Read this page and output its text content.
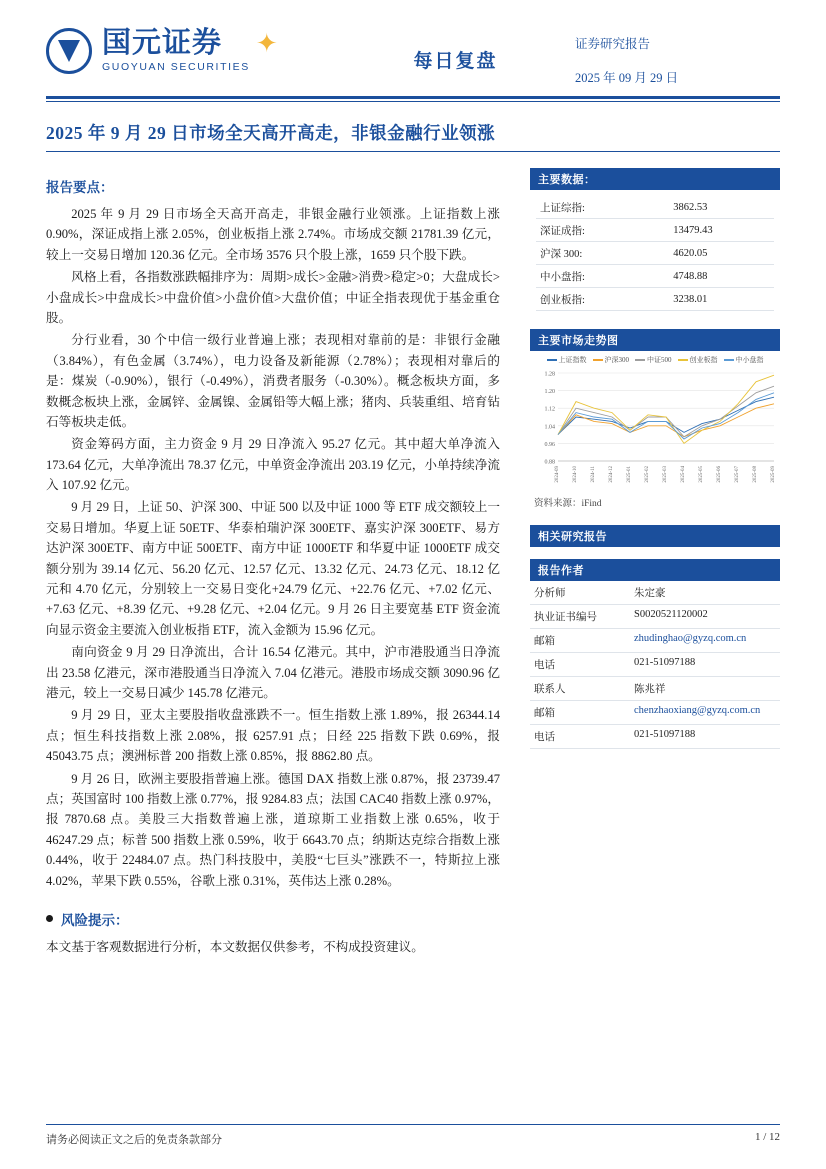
国元证券
GUOYUAN SECURITIES
✦
每日复盘
证券研究报告
2025 年 09 月 29 日
2025 年 9 月 29 日市场全天高开高走，非银金融行业领涨
报告要点：

2025 年 9 月 29 日市场全天高开高走，非银金融行业领涨。上证指数上涨 0.90%，深证成指上涨 2.05%，创业板指上涨 2.74%。市场成交额 21781.39 亿元，较上一交易日增加 120.36 亿元。全市场 3576 只个股上涨，1659 只个股下跌。

风格上看，各指数涨跌幅排序为：周期>成长>金融>消费>稳定>0；大盘成长>小盘成长>中盘成长>中盘价值>小盘价值>大盘价值；中证全指表现优于基金重仓股。

分行业看，30 个中信一级行业普遍上涨；表现相对靠前的是：非银行金融（3.84%），有色金属（3.74%），电力设备及新能源（2.78%）；表现相对靠后的是：煤炭（-0.90%），银行（-0.49%），消费者服务（-0.30%）。概念板块方面，多数概念板块上涨，金属锌、金属镍、金属铅等大幅上涨；猪肉、兵装重组、培育钻石等板块走低。

资金筹码方面，主力资金 9 月 29 日净流入 95.27 亿元。其中超大单净流入 173.64 亿元，大单净流出 78.37 亿元，中单资金净流出 203.19 亿元，小单持续净流入 107.92 亿元。

9 月 29 日，上证 50、沪深 300、中证 500 以及中证 1000 等 ETF 成交额较上一交易日增加。华夏上证 50ETF、华泰柏瑞沪深 300ETF、嘉实沪深 300ETF、易方达沪深 300ETF、南方中证 500ETF、南方中证 1000ETF 和华夏中证 1000ETF 成交额分别为 39.14 亿元、56.20 亿元、12.57 亿元、13.32 亿元、24.73 亿元、18.12 亿元和 4.70 亿元，分别较上一交易日变化+24.79 亿元、+22.76 亿元、+7.02 亿元、+7.63 亿元、+8.39 亿元、+9.28 亿元、+2.04 亿元。9 月 26 日主要宽基 ETF 资金流向显示资金主要流入创业板指 ETF，流入金额为 15.96 亿元。

南向资金 9 月 29 日净流出，合计 16.54 亿港元。其中，沪市港股通当日净流出 23.58 亿港元，深市港股通当日净流入 7.04 亿港元。港股市场成交额 3090.96 亿港元，较上一交易日减少 145.78 亿港元。

9 月 29 日，亚太主要股指收盘涨跌不一。恒生指数上涨 1.89%，报 26344.14 点；恒生科技指数上涨 2.08%，报 6257.91 点；日经 225 指数下跌 0.69%，报 45043.75 点；澳洲标普 200 指数上涨 0.85%，报 8862.80 点。

9 月 26 日，欧洲主要股指普遍上涨。德国 DAX 指数上涨 0.87%，报 23739.47 点；英国富时 100 指数上涨 0.77%，报 9284.83 点；法国 CAC40 指数上涨 0.97%，报 7870.68 点。美股三大指数普遍上涨，道琼斯工业指数上涨 0.65%，收于 46247.29 点；标普 500 指数上涨 0.59%，收于 6643.70 点；纳斯达克综合指数上涨 0.44%，收于 22484.07 点。热门科技股中，美股“七巨头”涨跌不一，特斯拉上涨 4.02%，苹果下跌 0.55%，谷歌上涨 0.31%，英伟达上涨 0.28%。

风险提示：
本文基于客观数据进行分析，本文数据仅供参考，不构成投资建议。
主要数据：
上证综指:	3862.53
深证成指:	13479.43
沪深 300:	4620.05
中小盘指:	4748.88
创业板指:	3238.01
主要市场走势图
上证指数	沪深300	中证500	创业板指	中小盘指
1.28
1.20
1.12
1.04
0.96
0.88
2024-09	2024-10	2024-11	2024-12	2025-01	2025-02	2025-03	2025-04	2025-05	2025-06	2025-07	2025-08	2025-09
资料来源：iFind
相关研究报告
报告作者
分析师	朱定豪
执业证书编号	S0020521120002
邮箱	zhudinghao@gyzq.com.cn
电话	021-51097188
联系人	陈兆祥
邮箱	chenzhaoxiang@gyzq.com.cn
电话	021-51097188
请务必阅读正文之后的免责条款部分	1 / 12
